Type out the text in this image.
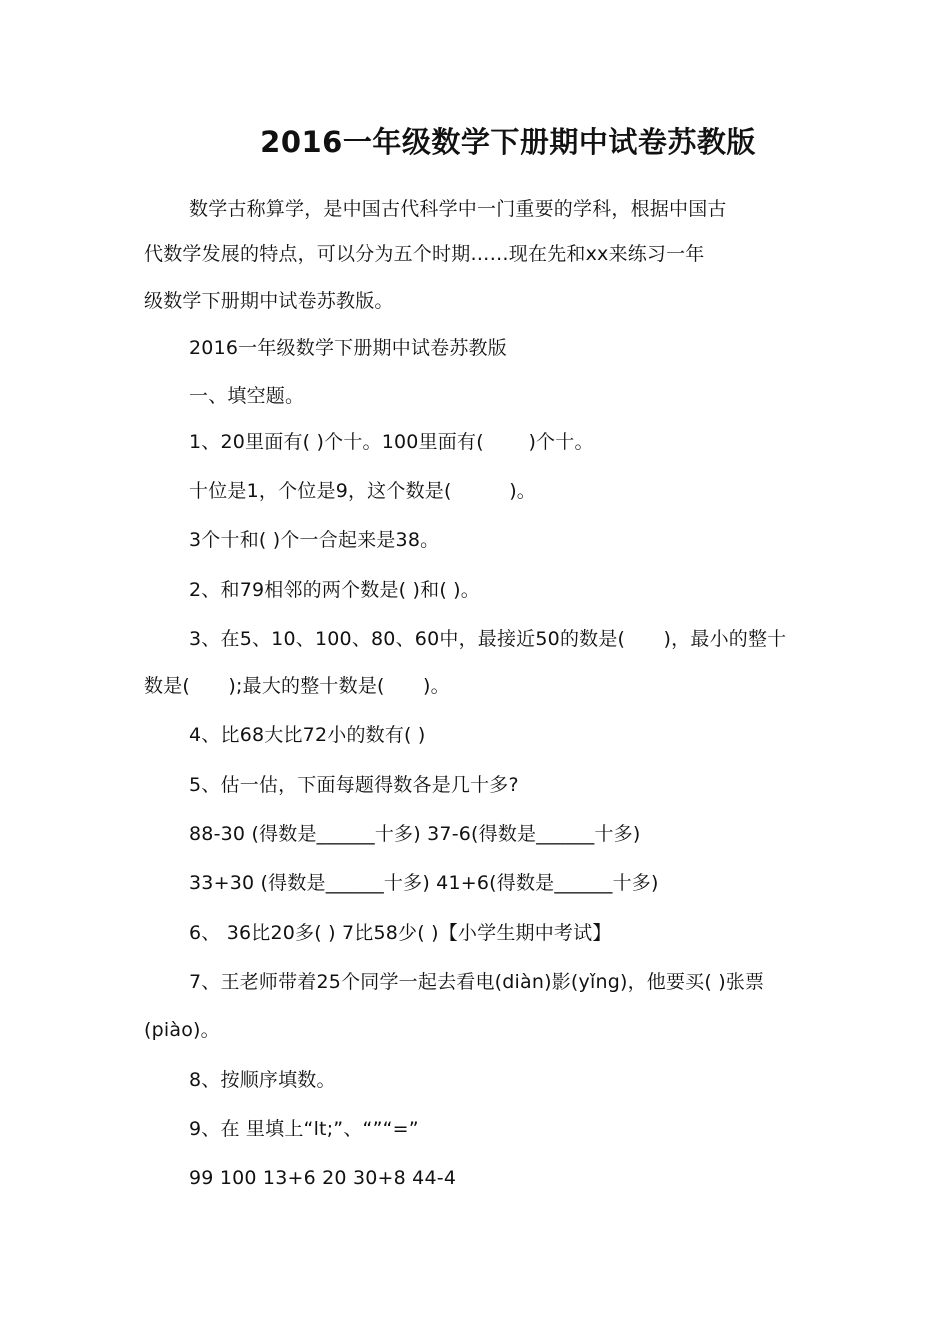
2016一年级数学下册期中试卷苏教版
数学古称算学，是中国古代科学中一门重要的学科，根据中国古
代数学发展的特点，可以分为五个时期……现在先和xx来练习一年
级数学下册期中试卷苏教版。
2016一年级数学下册期中试卷苏教版
一、填空题。
1、20里面有( )个十。100里面有(　　 )个十。
十位是1，个位是9，这个数是(　　　)。
3个十和( )个一合起来是38。
2、和79相邻的两个数是( )和( )。
3、在5、10、100、80、60中，最接近50的数是(　　)，最小的整十
数是(　　);最大的整十数是(　　)。
4、比68大比72小的数有( )
5、估一估，下面每题得数各是几十多?
88-30 (得数是______十多) 37-6(得数是______十多)
33+30 (得数是______十多) 41+6(得数是______十多)
6、 36比20多( ) 7比58少( )【小学生期中考试】
7、王老师带着25个同学一起去看电(diàn)影(yǐng)，他要买( )张票
(piào)。
8、按顺序填数。
9、在 里填上“lt;”、“”“=”
99 100 13+6 20 30+8 44-4
